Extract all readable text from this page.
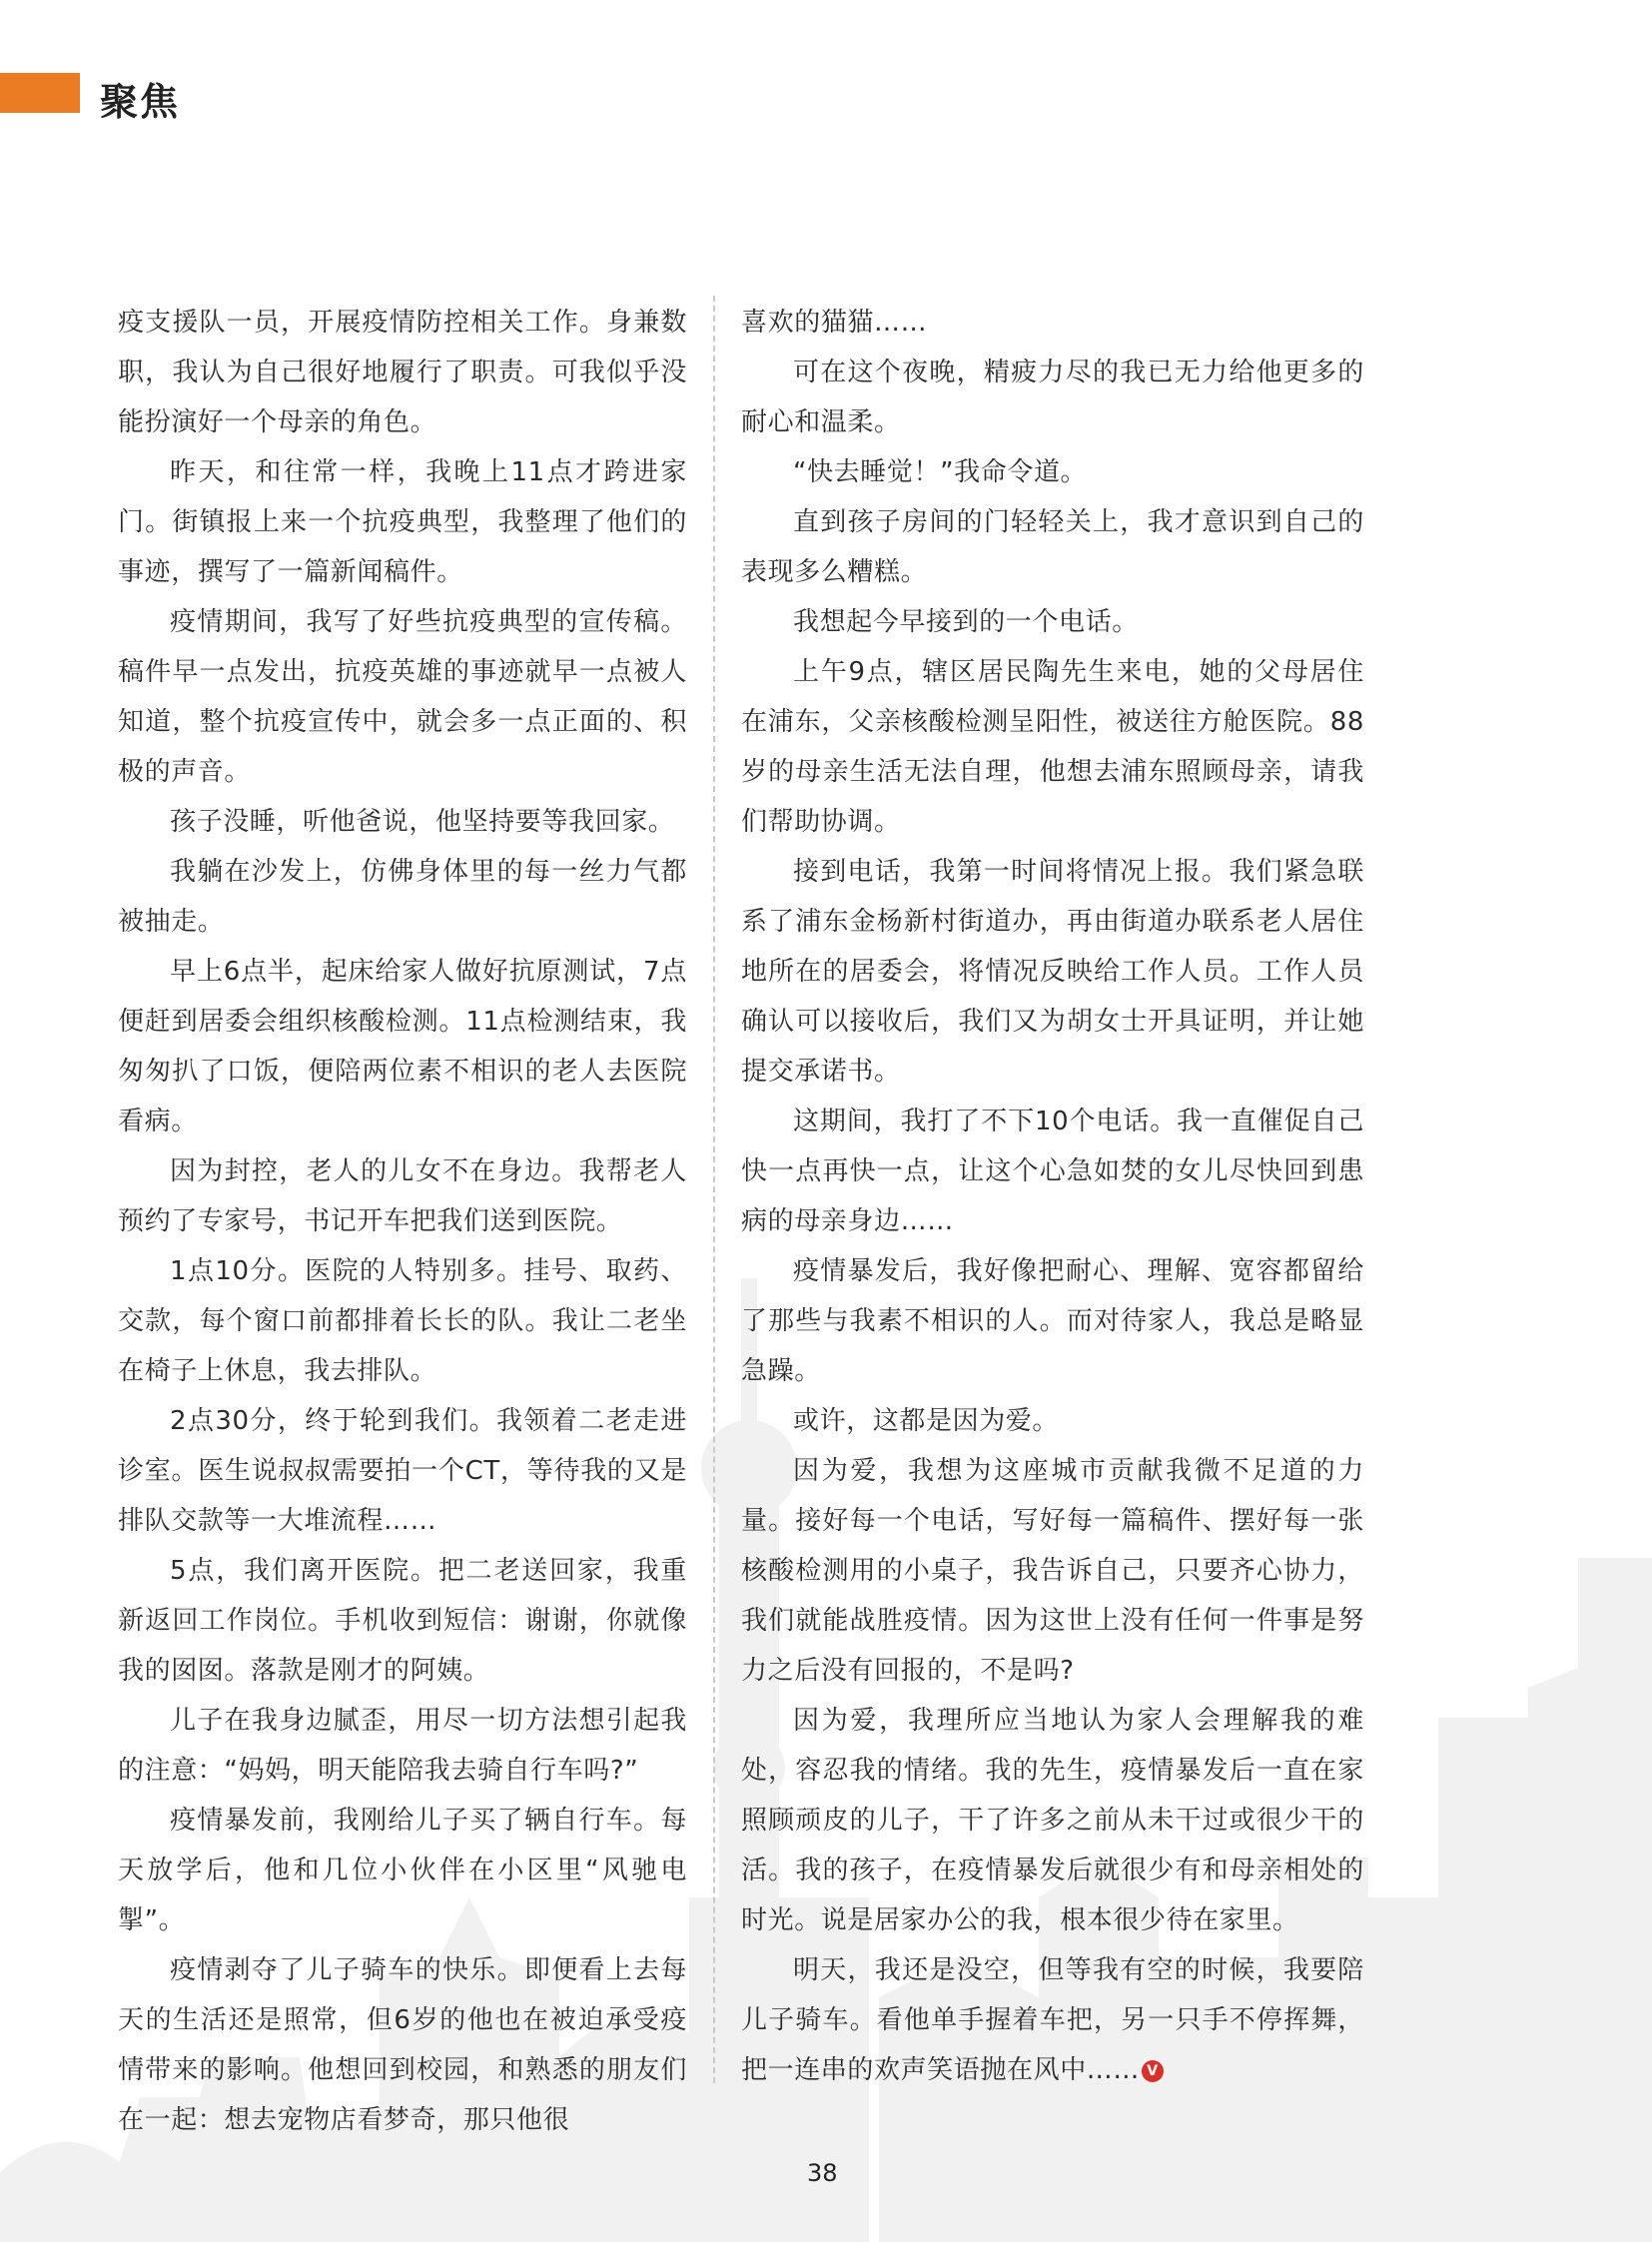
聚焦

疫支援队一员，开展疫情防控相关工作。身兼数职，我认为自己很好地履行了职责。可我似乎没能扮演好一个母亲的角色。

昨天，和往常一样，我晚上11点才跨进家门。街镇报上来一个抗疫典型，我整理了他们的事迹，撰写了一篇新闻稿件。

疫情期间，我写了好些抗疫典型的宣传稿。稿件早一点发出，抗疫英雄的事迹就早一点被人知道，整个抗疫宣传中，就会多一点正面的、积极的声音。

孩子没睡，听他爸说，他坚持要等我回家。

我躺在沙发上，仿佛身体里的每一丝力气都被抽走。

早上6点半，起床给家人做好抗原测试，7点便赶到居委会组织核酸检测。11点检测结束，我匆匆扒了口饭，便陪两位素不相识的老人去医院看病。

因为封控，老人的儿女不在身边。我帮老人预约了专家号，书记开车把我们送到医院。

1点10分。医院的人特别多。挂号、取药、交款，每个窗口前都排着长长的队。我让二老坐在椅子上休息，我去排队。

2点30分，终于轮到我们。我领着二老走进诊室。医生说叔叔需要拍一个CT，等待我的又是排队交款等一大堆流程……

5点，我们离开医院。把二老送回家，我重新返回工作岗位。手机收到短信：谢谢，你就像我的囡囡。落款是刚才的阿姨。

儿子在我身边腻歪，用尽一切方法想引起我的注意：“妈妈，明天能陪我去骑自行车吗?”

疫情暴发前，我刚给儿子买了辆自行车。每天放学后，他和几位小伙伴在小区里“风驰电掣”。

疫情剥夺了儿子骑车的快乐。即便看上去每天的生活还是照常，但6岁的他也在被迫承受疫情带来的影响。他想回到校园，和熟悉的朋友们在一起：想去宠物店看梦奇，那只他很

喜欢的猫猫……

可在这个夜晚，精疲力尽的我已无力给他更多的耐心和温柔。

“快去睡觉！”我命令道。

直到孩子房间的门轻轻关上，我才意识到自己的表现多么糟糕。

我想起今早接到的一个电话。

上午9点，辖区居民陶先生来电，她的父母居住在浦东，父亲核酸检测呈阳性，被送往方舱医院。88岁的母亲生活无法自理，他想去浦东照顾母亲，请我们帮助协调。

接到电话，我第一时间将情况上报。我们紧急联系了浦东金杨新村街道办，再由街道办联系老人居住地所在的居委会，将情况反映给工作人员。工作人员确认可以接收后，我们又为胡女士开具证明，并让她提交承诺书。

这期间，我打了不下10个电话。我一直催促自己快一点再快一点，让这个心急如焚的女儿尽快回到患病的母亲身边……

疫情暴发后，我好像把耐心、理解、宽容都留给了那些与我素不相识的人。而对待家人，我总是略显急躁。

或许，这都是因为爱。

因为爱，我想为这座城市贡献我微不足道的力量。接好每一个电话，写好每一篇稿件、摆好每一张核酸检测用的小桌子，我告诉自己，只要齐心协力，我们就能战胜疫情。因为这世上没有任何一件事是努力之后没有回报的，不是吗?

因为爱，我理所应当地认为家人会理解我的难处，容忍我的情绪。我的先生，疫情暴发后一直在家照顾顽皮的儿子，干了许多之前从未干过或很少干的活。我的孩子，在疫情暴发后就很少有和母亲相处的时光。说是居家办公的我，根本很少待在家里。

明天，我还是没空，但等我有空的时候，我要陪儿子骑车。看他单手握着车把，另一只手不停挥舞，把一连串的欢声笑语抛在风中…… V

38
